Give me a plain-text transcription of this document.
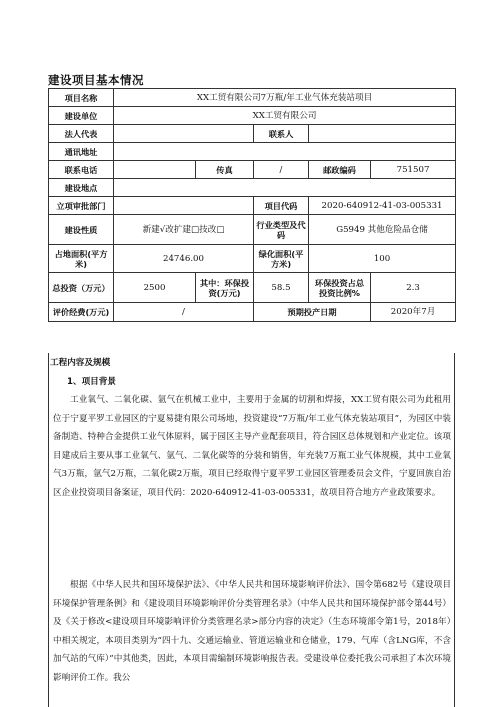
建设项目基本情况
项目名称	XX工贸有限公司7万瓶/年工业气体充装站项目				
建设单位	XX工贸有限公司				
法人代表			联系人		
通讯地址					
联系电话		传真	/	邮政编码	751507
建设地点					
立项审批部门			项目代码	2020-640912-41-03-005331	
建设性质	新建√改扩建□技改□		行业类型及代码	G5949 其他危险品仓储	
占地面积(平方米)	24746.00		绿化面积(平方米)	100	
总投资（万元）	2500	其中：环保投资(万元)	58.5	环保投资占总投资比例%	2.3
评价经费(万元)	/		预期投产日期		2020年7月
工程内容及规模
1、项目背景

工业氧气、二氧化碳、氩气在机械工业中，主要用于金属的切割和焊接，XX工贸有限公司为此租用位于宁夏平罗工业园区的宁夏易捷有限公司场地，投资建设“7万瓶/年工业气体充装站项目”，为园区中装备制造、特种合金提供工业气体原料，属于园区主导产业配套项目，符合园区总体规划和产业定位。该项目建成后主要从事工业氧气、氩气、二氧化碳等的分装和销售，年充装7万瓶工业气体规模，其中工业氧气3万瓶，氩气2万瓶，二氧化碳2万瓶，项目已经取得宁夏平罗工业园区管理委员会文件，宁夏回族自治区企业投资项目备案证，项目代码：2020-640912-41-03-005331，故项目符合地方产业政策要求。

根据《中华人民共和国环境保护法》、《中华人民共和国环境影响评价法》、国令第682号《建设项目环境保护管理条例》和《建设项目环境影响评价分类管理名录》（中华人民共和国环境保护部令第44号）及《关于修改<建设项目环境影响评价分类管理名录>部分内容的决定》（生态环境部令第1号，2018年）中相关规定，本项目类别为“四十九、交通运输业、管道运输业和仓储业，179、气库（含LNG库，不含加气站的气库）”中其他类，因此，本项目需编制环境影响报告表。受建设单位委托我公司承担了本次环境影响评价工作。我公
